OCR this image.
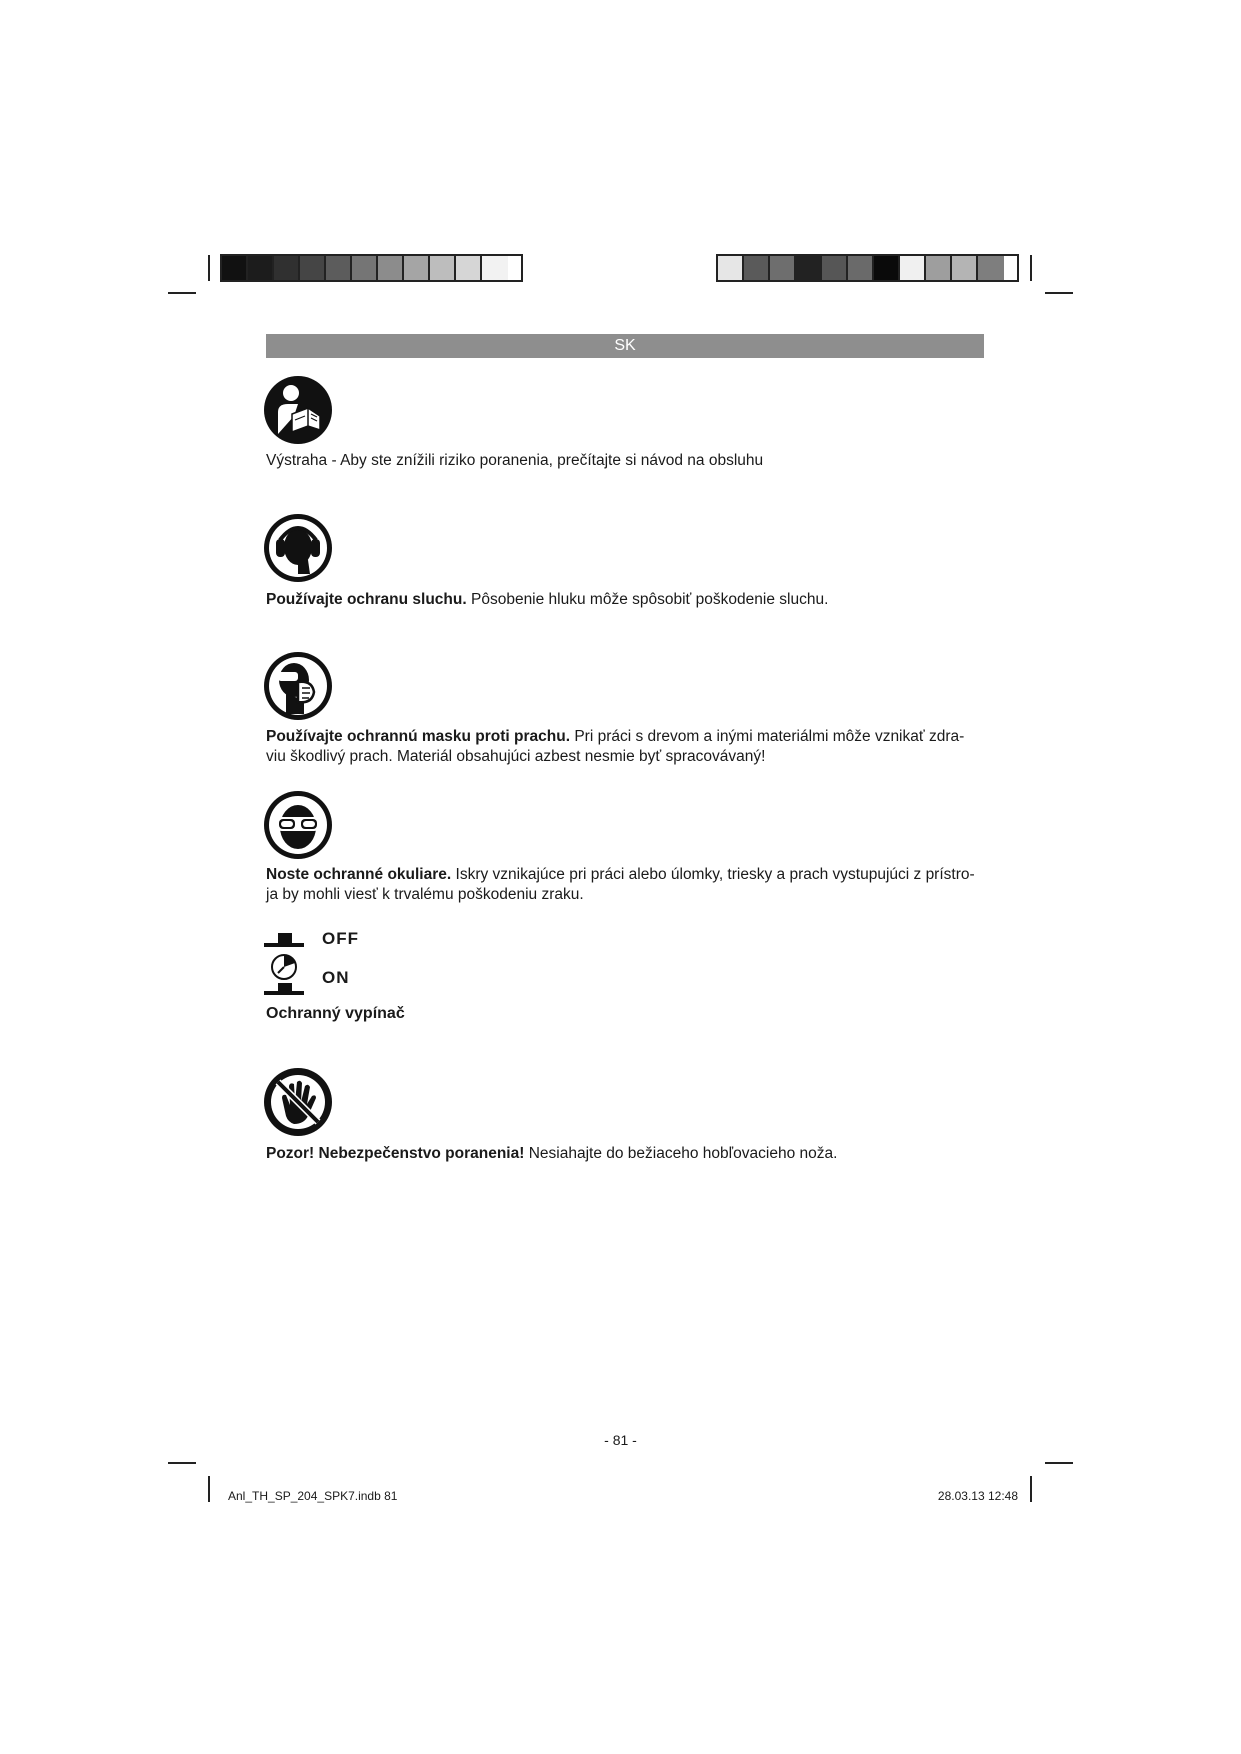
SK
Výstraha - Aby ste znížili riziko poranenia, prečítajte si návod na obsluhu
Používajte ochranu sluchu. Pôsobenie hluku môže spôsobiť poškodenie sluchu.
Používajte ochrannú masku proti prachu. Pri práci s drevom a inými materiálmi môže vznikať zdra-
viu škodlivý prach. Materiál obsahujúci azbest nesmie byť spracovávaný!
Noste ochranné okuliare. Iskry vznikajúce pri práci alebo úlomky, triesky a prach vystupujúci z prístro-
ja by mohli viesť k trvalému poškodeniu zraku.
OFF
ON
Ochranný vypínač
Pozor! Nebezpečenstvo poranenia! Nesiahajte do bežiaceho hobľovacieho noža.
- 81 -
Anl_TH_SP_204_SPK7.indb 81	28.03.13 12:48
